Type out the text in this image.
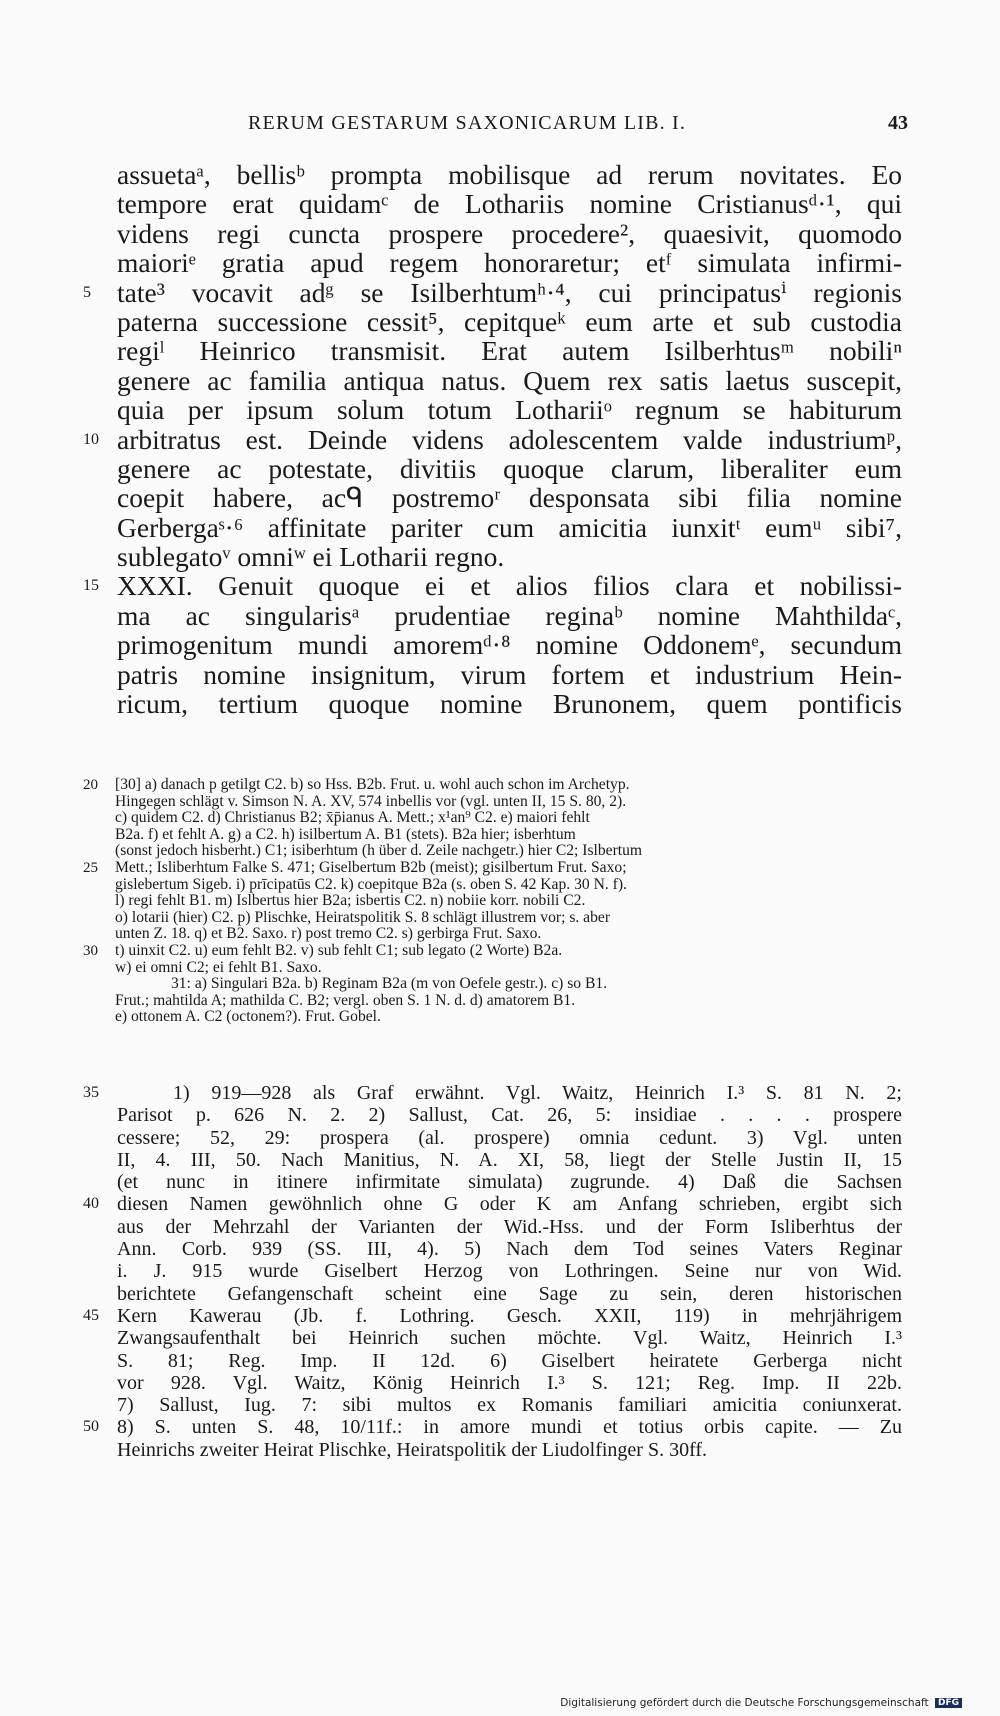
RERUM GESTARUM SAXONICARUM LIB. I.	43
assuetaᵃ, bellisᵇ prompta mobilisque ad rerum novitates. Eo
tempore erat quidamᶜ de Lothariis nomine Cristianusᵈ·¹, qui
videns regi cuncta prospere procedere², quaesivit, quomodo
maioriᵉ gratia apud regem honoraretur; etᶠ simulata infirmi-
5 tate³ vocavit adᵍ se Isilberhtumʰ·⁴, cui principatusⁱ regionis
paterna successione cessit⁵, cepitqueᵏ eum arte et sub custodia
regiˡ Heinrico transmisit. Erat autem Isilberhtusᵐ nobiliⁿ
genere ac familia antiqua natus. Quem rex satis laetus suscepit,
quia per ipsum solum totum Lothariiᵒ regnum se habiturum
10 arbitratus est. Deinde videns adolescentem valde industriumᵖ,
genere ac potestate, divitiis quoque clarum, liberaliter eum
coepit habere, acᑫ postremoʳ desponsata sibi filia nomine
Gerbergaˢ·⁶ affinitate pariter cum amicitia iunxitᵗ eumᵘ sibi⁷,
sublegatoᵛ omniʷ ei Lotharii regno.
15 XXXI. Genuit quoque ei et alios filios clara et nobilissi-
ma ac singularisᵃ prudentiae reginaᵇ nomine Mahthildaᶜ,
primogenitum mundi amoremᵈ·⁸ nomine Oddonemᵉ, secundum
patris nomine insignitum, virum fortem et industrium Hein-
ricum, tertium quoque nomine Brunonem, quem pontificis
20	[30] a) danach p getilgt C2. b) so Hss. B2b. Frut. u. wohl auch schon im Archetyp.
Hingegen schlägt v. Simson N. A. XV, 574 inbellis vor (vgl. unten II, 15 S. 80, 2).
c) quidem C2. d) Christianus B2; x̄p̄ianus A. Mett.; x¹an⁹ C2. e) maiori fehlt
B2a. f) et fehlt A. g) a C2. h) isilbertum A. B1 (stets). B2a hier; isberhtum
(sonst jedoch hisberht.) C1; isiberhtum (h über d. Zeile nachgetr.) hier C2; Islbertum
25	Mett.; Isliberhtum Falke S. 471; Giselbertum B2b (meist); gisilbertum Frut. Saxo;
gislebertum Sigeb. i) prīcipatūs C2. k) coepitque B2a (s. oben S. 42 Kap. 30 N. f).
l) regi fehlt B1. m) Islbertus hier B2a; isbertis C2. n) nobiie korr. nobili C2.
o) lotarii (hier) C2. p) Plischke, Heiratspolitik S. 8 schlägt illustrem vor; s. aber
unten Z. 18. q) et B2. Saxo. r) post tremo C2. s) gerbirga Frut. Saxo.
30	t) uinxit C2. u) eum fehlt B2. v) sub fehlt C1; sub legato (2 Worte) B2a.
w) ei omni C2; ei fehlt B1. Saxo.
31: a) Singulari B2a. b) Reginam B2a (m von Oefele gestr.). c) so B1.
Frut.; mahtilda A; mathilda C. B2; vergl. oben S. 1 N. d. d) amatorem B1.
e) ottonem A. C2 (octonem?). Frut. Gobel.
35	1) 919—928 als Graf erwähnt. Vgl. Waitz, Heinrich I.³ S. 81 N. 2;
Parisot p. 626 N. 2. 2) Sallust, Cat. 26, 5: insidiae . . . . prospere
cessere; 52, 29: prospera (al. prospere) omnia cedunt. 3) Vgl. unten
II, 4. III, 50. Nach Manitius, N. A. XI, 58, liegt der Stelle Justin II, 15
(et nunc in itinere infirmitate simulata) zugrunde. 4) Daß die Sachsen
40 diesen Namen gewöhnlich ohne G oder K am Anfang schrieben, ergibt sich
aus der Mehrzahl der Varianten der Wid.-Hss. und der Form Isliberhtus der
Ann. Corb. 939 (SS. III, 4). 5) Nach dem Tod seines Vaters Reginar
i. J. 915 wurde Giselbert Herzog von Lothringen. Seine nur von Wid.
berichtete Gefangenschaft scheint eine Sage zu sein, deren historischen
45 Kern Kawerau (Jb. f. Lothring. Gesch. XXII, 119) in mehrjährigem
Zwangsaufenthalt bei Heinrich suchen möchte. Vgl. Waitz, Heinrich I.³
S. 81; Reg. Imp. II 12d. 6) Giselbert heiratete Gerberga nicht
vor 928. Vgl. Waitz, König Heinrich I.³ S. 121; Reg. Imp. II 22b.
7) Sallust, Iug. 7: sibi multos ex Romanis familiari amicitia coniunxerat.
50 8) S. unten S. 48, 10/11f.: in amore mundi et totius orbis capite. — Zu
Heinrichs zweiter Heirat Plischke, Heiratspolitik der Liudolfinger S. 30ff.
Digitalisierung gefördert durch die Deutsche Forschungsgemeinschaft DFG
